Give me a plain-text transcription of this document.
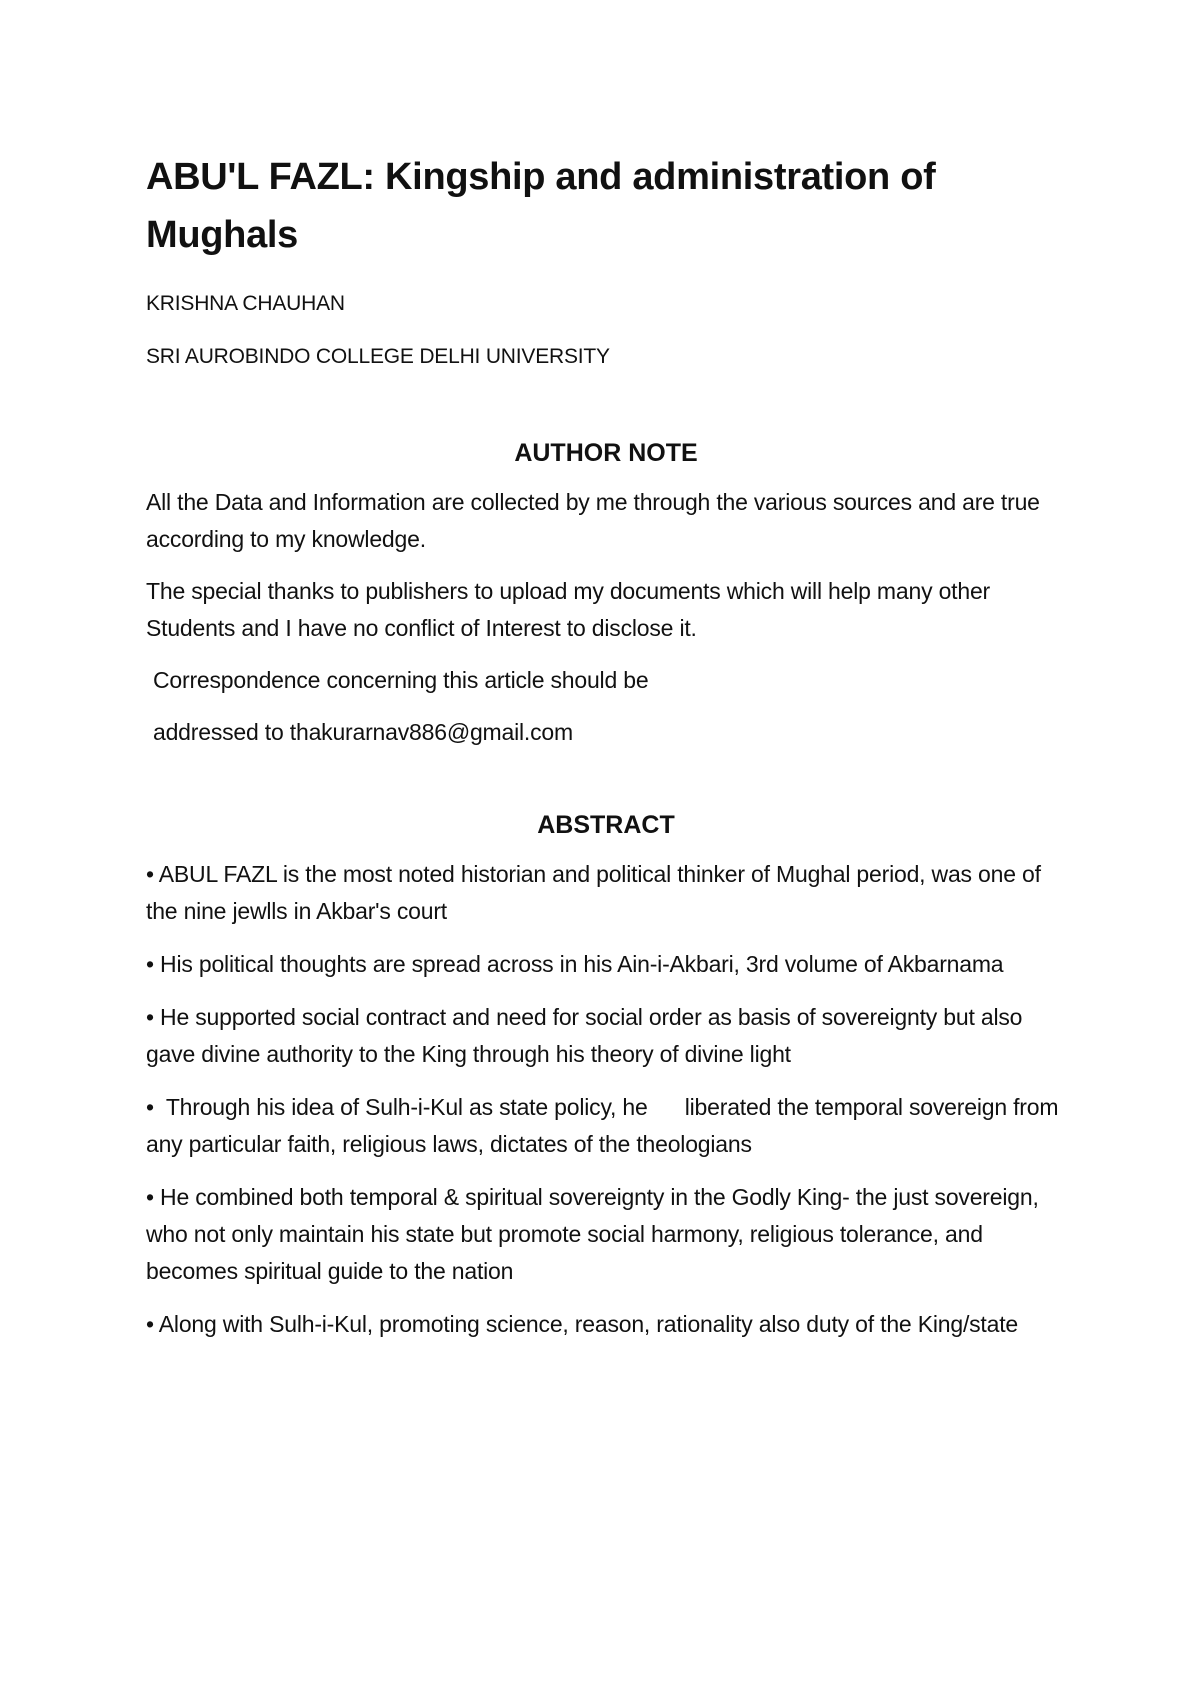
ABU'L FAZL: Kingship and administration of Mughals
KRISHNA CHAUHAN
SRI AUROBINDO COLLEGE DELHI UNIVERSITY
AUTHOR NOTE

All the Data and Information are collected by me through the various sources and are true according to my knowledge.

The special thanks to publishers to upload my documents which will help many other Students and I have no conflict of Interest to disclose it.

Correspondence concerning this article should be

addressed to thakurarnav886@gmail.com

ABSTRACT

• ABUL FAZL is the most noted historian and political thinker of Mughal period, was one of the nine jewlls in Akbar's court

• His political thoughts are spread across in his Ain-i-Akbari, 3rd volume of Akbarnama

• He supported social contract and need for social order as basis of sovereignty but also gave divine authority to the King through his theory of divine light

•  Through his idea of Sulh-i-Kul as state policy, he      liberated the temporal sovereign from any particular faith, religious laws, dictates of the theologians

• He combined both temporal & spiritual sovereignty in the Godly King- the just sovereign, who not only maintain his state but promote social harmony, religious tolerance, and becomes spiritual guide to the nation

• Along with Sulh-i-Kul, promoting science, reason, rationality also duty of the King/state
